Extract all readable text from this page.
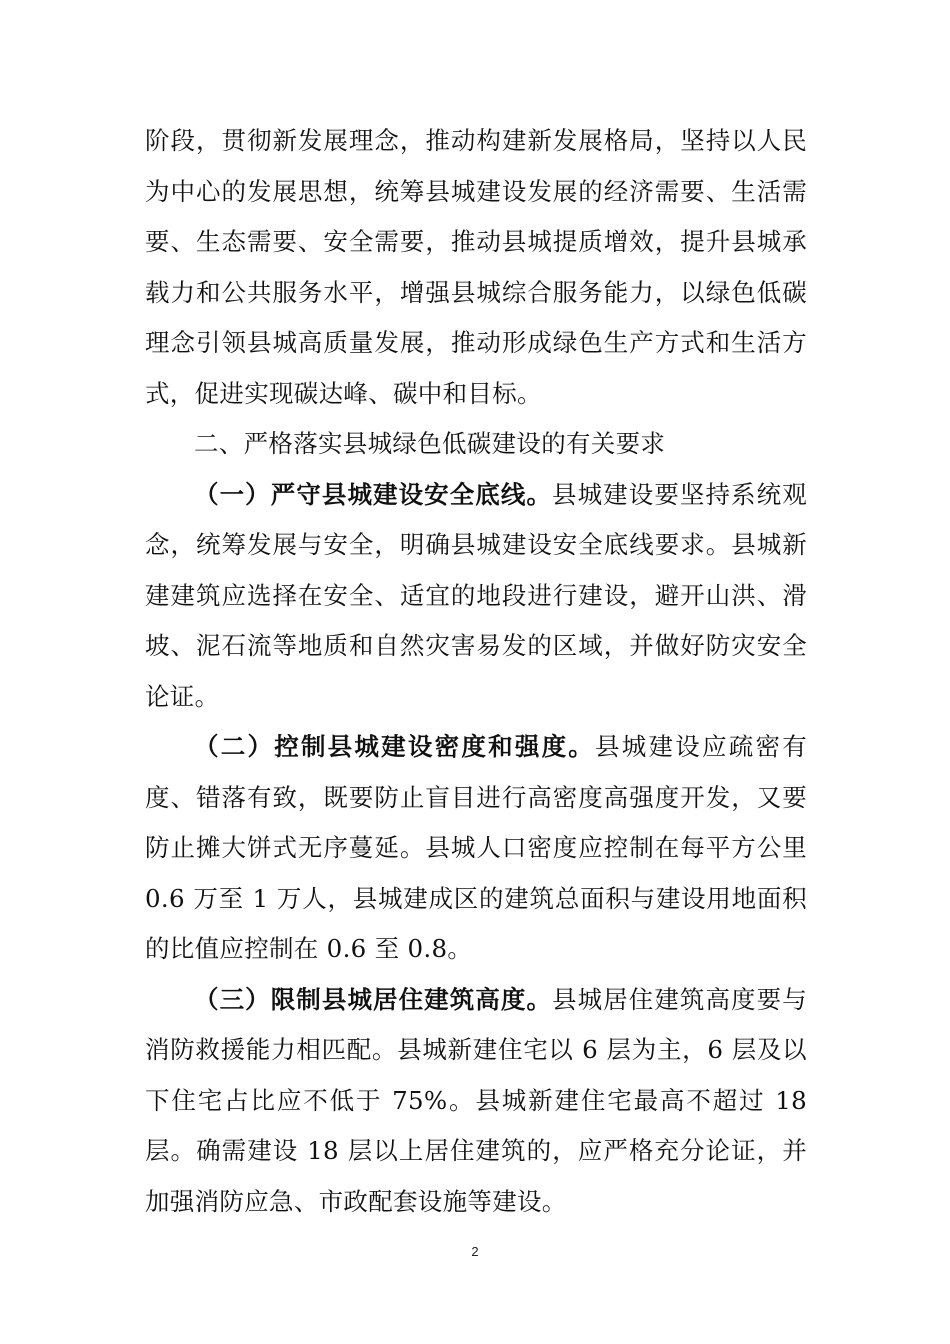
阶段，贯彻新发展理念，推动构建新发展格局，坚持以人民为中心的发展思想，统筹县城建设发展的经济需要、生活需要、生态需要、安全需要，推动县城提质增效，提升县城承载力和公共服务水平，增强县城综合服务能力，以绿色低碳理念引领县城高质量发展，推动形成绿色生产方式和生活方式，促进实现碳达峰、碳中和目标。

二、严格落实县城绿色低碳建设的有关要求

（一）严守县城建设安全底线。县城建设要坚持系统观念，统筹发展与安全，明确县城建设安全底线要求。县城新建建筑应选择在安全、适宜的地段进行建设，避开山洪、滑坡、泥石流等地质和自然灾害易发的区域，并做好防灾安全论证。

（二）控制县城建设密度和强度。县城建设应疏密有度、错落有致，既要防止盲目进行高密度高强度开发，又要防止摊大饼式无序蔓延。县城人口密度应控制在每平方公里 0.6 万至 1 万人，县城建成区的建筑总面积与建设用地面积的比值应控制在 0.6 至 0.8。

（三）限制县城居住建筑高度。县城居住建筑高度要与消防救援能力相匹配。县城新建住宅以 6 层为主，6 层及以下住宅占比应不低于 75%。县城新建住宅最高不超过 18 层。确需建设 18 层以上居住建筑的，应严格充分论证，并加强消防应急、市政配套设施等建设。

2
